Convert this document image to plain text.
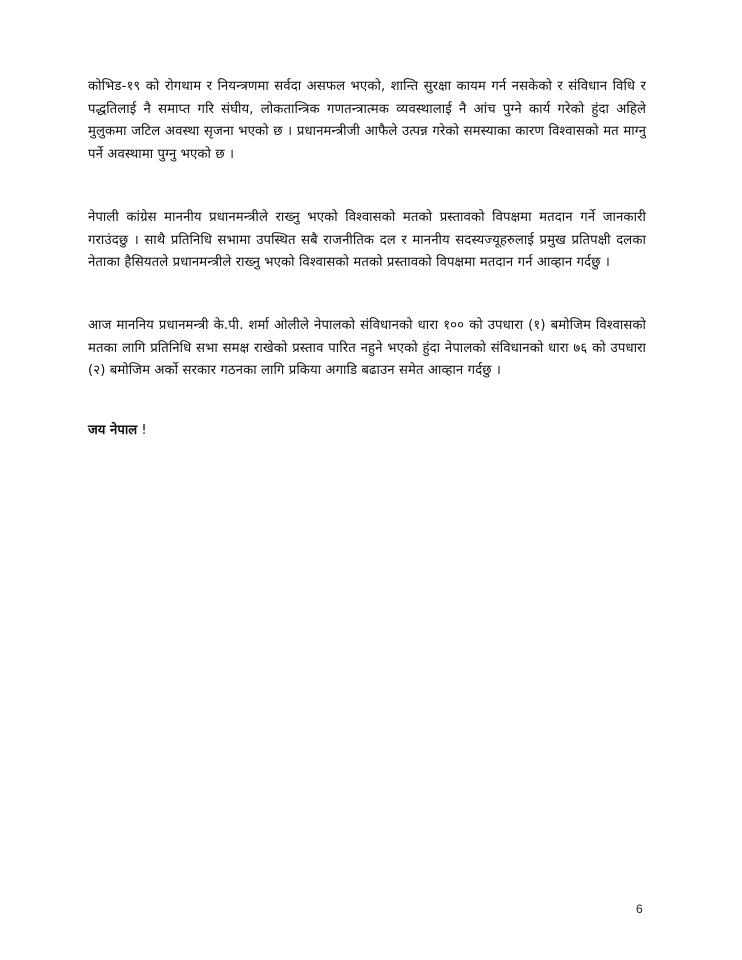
कोभिड-१९ को रोगथाम र नियन्त्रणमा सर्वदा असफल भएको, शान्ति सुरक्षा कायम गर्न नसकेको र संविधान विधि र पद्धतिलाई नै समाप्त गरि संघीय, लोकतान्त्रिक गणतन्त्रात्मक व्यवस्थालाई नै आंच पुग्ने कार्य गरेको हुंदा अहिले मुलुकमा जटिल अवस्था सृजना भएको छ । प्रधानमन्त्रीजी आफैले उत्पन्न गरेको समस्याका कारण विश्वासको मत माग्नु पर्ने अवस्थामा पुग्नु भएको छ ।

नेपाली कांग्रेस माननीय प्रधानमन्त्रीले राख्नु भएको विश्वासको मतको प्रस्तावको विपक्षमा मतदान गर्ने जानकारी गराउंदछु । साथै प्रतिनिधि सभामा उपस्थित सबै राजनीतिक दल र माननीय सदस्यज्यूहरुलाई प्रमुख प्रतिपक्षी दलका नेताका हैसियतले प्रधानमन्त्रीले राख्नु भएको विश्वासको मतको प्रस्तावको विपक्षमा मतदान गर्न आव्हान गर्दछु ।

आज माननिय प्रधानमन्त्री के.पी. शर्मा ओलीले नेपालको संविधानको धारा १०० को उपधारा (१) बमोजिम विश्वासको मतका लागि प्रतिनिधि सभा समक्ष राखेको प्रस्ताव पारित नहुने भएको हुंदा नेपालको संविधानको धारा ७६ को उपधारा (२) बमोजिम अर्को सरकार गठनका लागि प्रकिया अगाडि बढाउन समेत आव्हान गर्दछु ।

जय नेपाल !

6
